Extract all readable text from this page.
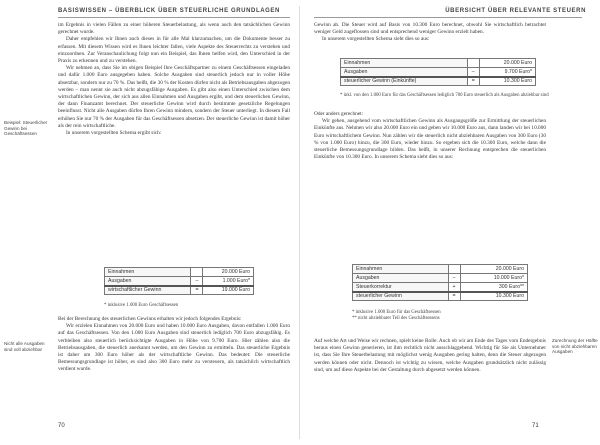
BASISWISSEN – ÜBERBLICK ÜBER STEUERLICHE GRUNDLAGEN

im Ergebnis in vielen Fällen zu einer höheren Steuerbelastung, als wenn auch den tatsächlichen Gewinn gerechnet wurde.

Daher empfehlen wir Ihnen auch dieses in für alle Mal klarzumachen, um die Dokumente besser zu erfassen. Mit diesem Wissen wird es Ihnen leichter fallen, viele Aspekte des Steuerrechts zu verstehen und einzuordnen. Zur Veranschaulichung folgt nun ein Beispiel, das Ihnen helfen wird, den Unterschied in der Praxis zu erkennen und zu verstehen.

Wir nehmen an, dass Sie im obigen Beispiel Ihre Geschäftspartner zu einem Geschäftsessen eingeladen und dafür 1.000 Euro ausgegeben haben. Solche Ausgaben sind steuerlich jedoch nur in voller Höhe absetzbar, sondern nur zu 70 %. Das heißt, die 30 % der Kosten dürfen nicht als Betriebsausgaben abgezogen werden – man nennt sie auch nicht abzugsfähige Ausgaben. Es gibt also einen Unterschied zwischen dem wirtschaftlichen Gewinn, der sich aus allen Einnahmen und Ausgaben ergibt, und dem steuerlichen Gewinn, der dann Finanzamt berechnet. Der steuerliche Gewinn wird durch bestimmte gesetzliche Regelungen beeinflusst. Nicht alle Ausgaben dürfen Ihren Gewinn mindern, sondern der Steuer unterliegt. In diesem Fall erhöhen Sie nur 70 % der Ausgaben für das Geschäftsessen absetzen. Der steuerliche Gewinn ist damit höher als der rein wirtschaftliche.

In unserem vorgestellten Schema ergibt sich:

Beispiel: Steuerlicher Gewinn bei Geschäftsessen
Einnahmen		20.000 Euro
Ausgaben	–	1.000 Euro*
wirtschaftlicher Gewinn	=	19.000 Euro
* inklusive 1.000 Euro Geschäftsessen

Bei der Berechnung des steuerlichen Gewinns erhalten wir jedoch folgendes Ergebnis:

Wir erzielen Einnahmen von 20.000 Euro und haben 10.000 Euro Ausgaben, davon entfallen 1.000 Euro auf das Geschäftsessen. Von den 1.000 Euro Ausgaben sind steuerlich lediglich 700 Euro abzugsfähig. Es verbleiben also steuerlich berücksichtigte Ausgaben in Höhe von 9.700 Euro. Hier zählen also die Betriebsausgaben, die steuerlich anerkannt werden, um den Gewinn zu ermitteln. Das steuerliche Ergebnis ist daher um 300 Euro höher als der wirtschaftliche Gewinn. Das bedeutet: Die steuerliche Bemessungsgrundlage ist höher, es sind also 300 Euro mehr zu versteuern, als tatsächlich wirtschaftlich verdient wurde.

Nicht alle Ausgaben sind voll abziehbar
70
ÜBERSICHT ÜBER RELEVANTE STEUERN

Gewinn ab. Die Steuer wird auf Basis von 10.300 Euro berechnet, obwohl Sie wirtschaftlich betrachtet weniger Geld zugeflossen sind und entsprechend weniger Gewinn erzielt haben.

In unserem vorgestellten Schema sieht dies so aus:

Einnahmen		20.000 Euro
Ausgaben	–	9.700 Euro*
steuerlicher Gewinn (Einkünfte)	=	10.300 Euro
* inkl. von den 1.000 Euro für das Geschäftsessen lediglich 700 Euro steuerlich als Ausgaben abziehbar sind

Oder anders gerechnet:

Wir gehen, ausgehend vom wirtschaftlichen Gewinn als Ausgangsgröße zur Ermittlung der steuerlichen Einkünfte aus. Nehmen wir also 20.000 Euro ein und geben wir 10.000 Euro aus, dann landen wir bei 10.000 Euro wirtschaftlichem Gewinn. Nun zählen wir die steuerlich nicht abziehbaren Ausgaben von 300 Euro (30 % von 1.000 Euro) hinzu, die 300 Euro, wieder hinzu. So ergeben sich die 10.300 Euro, welche dann die steuerliche Bemessungsgrundlage bilden. Das heißt, in unserer Rechnung entsprechen die steuerlichen Einkünfte von 10.300 Euro. In unserem Schema sieht dies so aus:

Einnahmen		20.000 Euro
Ausgaben	–	10.000 Euro*
Steuerkorrektur	+	300 Euro**
steuerlicher Gewinn	=	10.300 Euro
* inklusive 1.000 Euro für das Geschäftsessen
** nicht abziehbarer Teil des Geschäftsessens

Auf welche Art und Weise wir rechnen, spielt keine Rolle. Auch ob wir am Ende des Tages vom Endergebnis heraus einen Gewinn generieren, ist ihm rechtlich nicht ausschlaggebend. Wichtig für Sie als Unternehmer ist, dass Sie Ihre Steuerbelastung mit möglichst wenig Ausgaben gering halten, denn die Steuer abgezogen werden können oder nicht. Dennoch ist wichtig zu wissen, welche Ausgaben grundsätzlich nicht zulässig sind, um auf diese Aspekte bei der Gestaltung durch abgesetzt werden können.

Zurechnung der Hälfte von nicht abziehbaren Ausgaben
71
